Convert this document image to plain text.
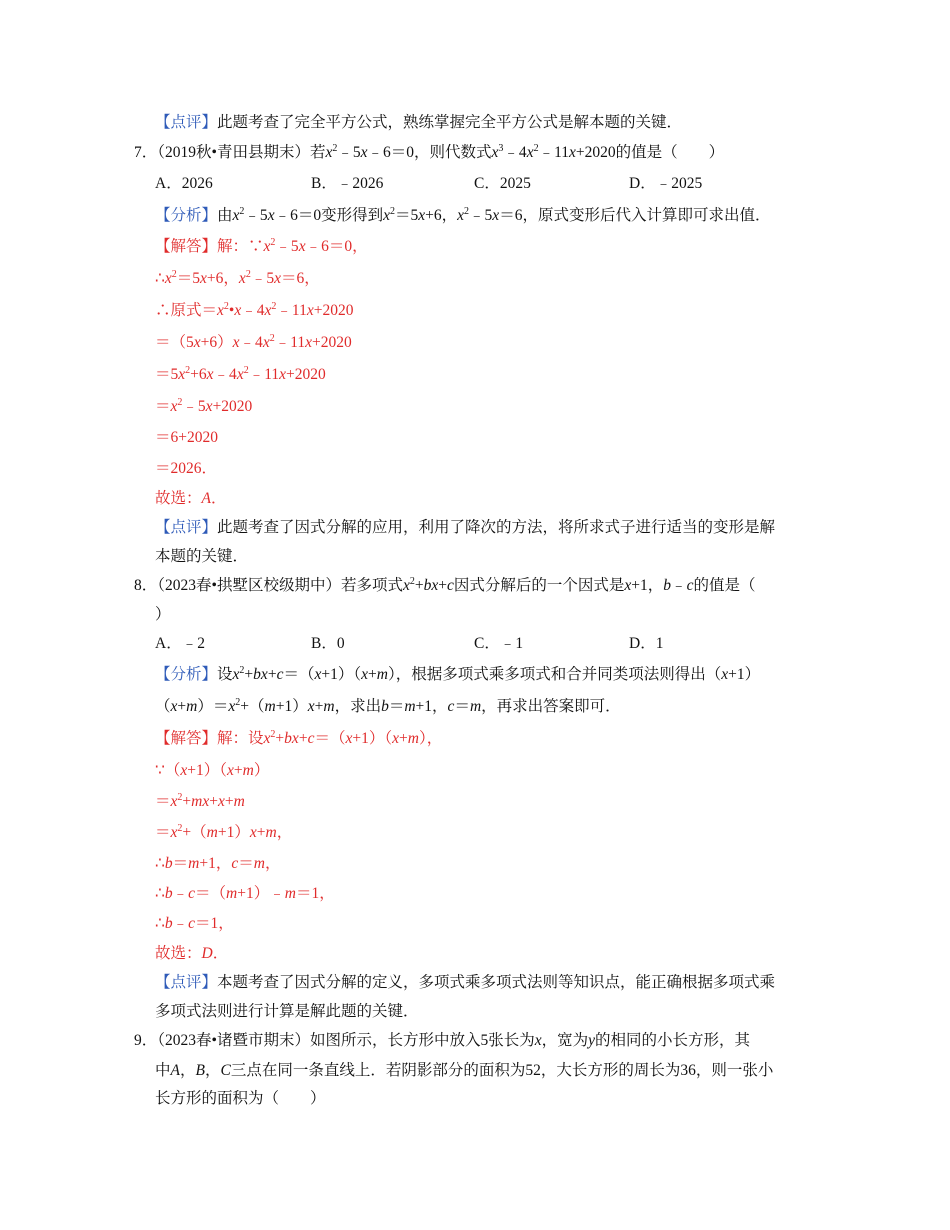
【点评】此题考查了完全平方公式，熟练掌握完全平方公式是解本题的关键．
7．（2019秋•青田县期末）若$x^2﹣5x﹣6=0$，则代数式$x^3﹣4x^2﹣11x+2020$的值是（　　）
A．2026	B．﹣2026	C．2025	D．﹣2025
【分析】由$x^2﹣5x﹣6=0$变形得到$x^2=5x+6$，$x^2﹣5x=6$，原式变形后代入计算即可求出值．
【解答】解：$\because x^2﹣5x﹣6=0$，
$\therefore x^2=5x+6$，$x^2﹣5x=6$，
∴原式$=x^2•x﹣4x^2﹣11x+2020$
$=(5x+6)x﹣4x^2﹣11x+2020$
$=5x^2+6x﹣4x^2﹣11x+2020$
$=x^2﹣5x+2020$
＝6+2020
＝2026．
故选：A．
【点评】此题考查了因式分解的应用，利用了降次的方法，将所求式子进行适当的变形是解
本题的关键．
8．（2023春•拱墅区校级期中）若多项式$x^2+bx+c$因式分解后的一个因式是x+1，b﹣c的值是（
）
A．﹣2	B．0	C．﹣1	D．1
【分析】设$x^2+bx+c=(x+1)(x+m)$，根据多项式乘多项式和合并同类项法则得出（x+1）
$(x+m)=x^2+(m+1)x+m$，求出b＝m+1，c＝m，再求出答案即可．
【解答】解：设$x^2+bx+c=(x+1)(x+m)$，
∵（x+1）（x+m）
$=x^2+mx+x+m$
$=x^2+(m+1)x+m$，
∴b＝m+1，c＝m，
∴b﹣c＝（m+1）﹣m＝1，
∴b﹣c＝1，
故选：D．
【点评】本题考查了因式分解的定义，多项式乘多项式法则等知识点，能正确根据多项式乘
多项式法则进行计算是解此题的关键．
9．（2023春•诸暨市期末）如图所示，长方形中放入5张长为x，宽为y的相同的小长方形，其
中A，B，C三点在同一条直线上．若阴影部分的面积为52，大长方形的周长为36，则一张小
长方形的面积为（　　）
